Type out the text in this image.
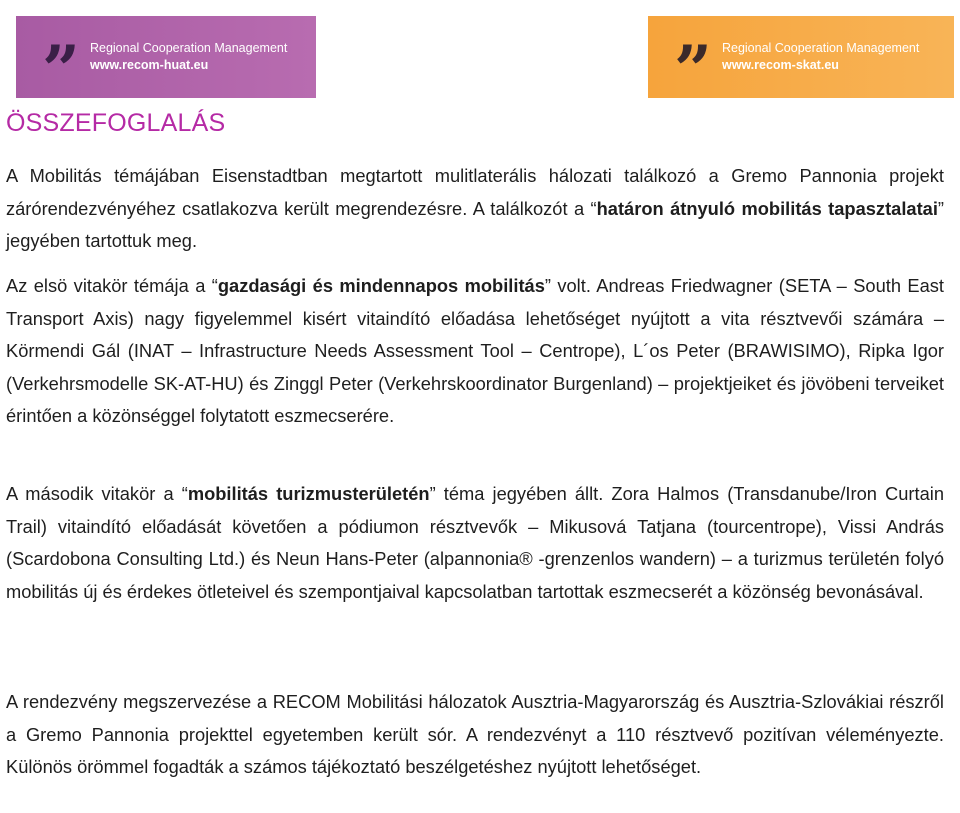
” Regional Cooperation Management
www.recom-huat.eu	” Regional Cooperation Management
www.recom-skat.eu
ÖSSZEFOGLALÁS

A Mobilitás témájában Eisenstadtban megtartott mulitlaterális hálozati találkozó a Gremo Pannonia projekt zárórendezvényéhez csatlakozva került megrendezésre. A találkozót a “határon átnyuló mobilitás tapasztalatai” jegyében tartottuk meg.

Az elsö vitakör témája a “gazdasági és mindennapos mobilitás” volt. Andreas Friedwagner (SETA – South East Transport Axis) nagy figyelemmel kisért vitaindító előadása lehetőséget nyújtott a vita résztvevői számára – Körmendi Gál (INAT – Infrastructure Needs Assessment Tool – Centrope), L´os Peter (BRAWISIMO), Ripka Igor (Verkehrsmodelle SK-AT-HU) és Zinggl Peter (Verkehrskoordinator Burgenland) – projektjeiket és jövöbeni terveiket érintően a közönséggel folytatott eszmecserére.

A második vitakör a “mobilitás turizmusterületén” téma jegyében állt. Zora Halmos (Transdanube/Iron Curtain Trail) vitaindító előadását követően a pódiumon résztvevők – Mikusová Tatjana (tourcentrope), Vissi András (Scardobona Consulting Ltd.) és Neun Hans-Peter (alpannonia® -grenzenlos wandern) – a turizmus területén folyó mobilitás új és érdekes ötleteivel és szempontjaival kapcsolatban tartottak eszmecserét a közönség bevonásával.

A rendezvény megszervezése a RECOM Mobilitási hálozatok Ausztria-Magyarország és Ausztria-Szlovákiai részről a Gremo Pannonia projekttel egyetemben került sór. A rendezvényt a 110 résztvevő pozitívan véleményezte. Különös örömmel fogadták a számos tájékoztató beszélgetéshez nyújtott lehetőséget.
